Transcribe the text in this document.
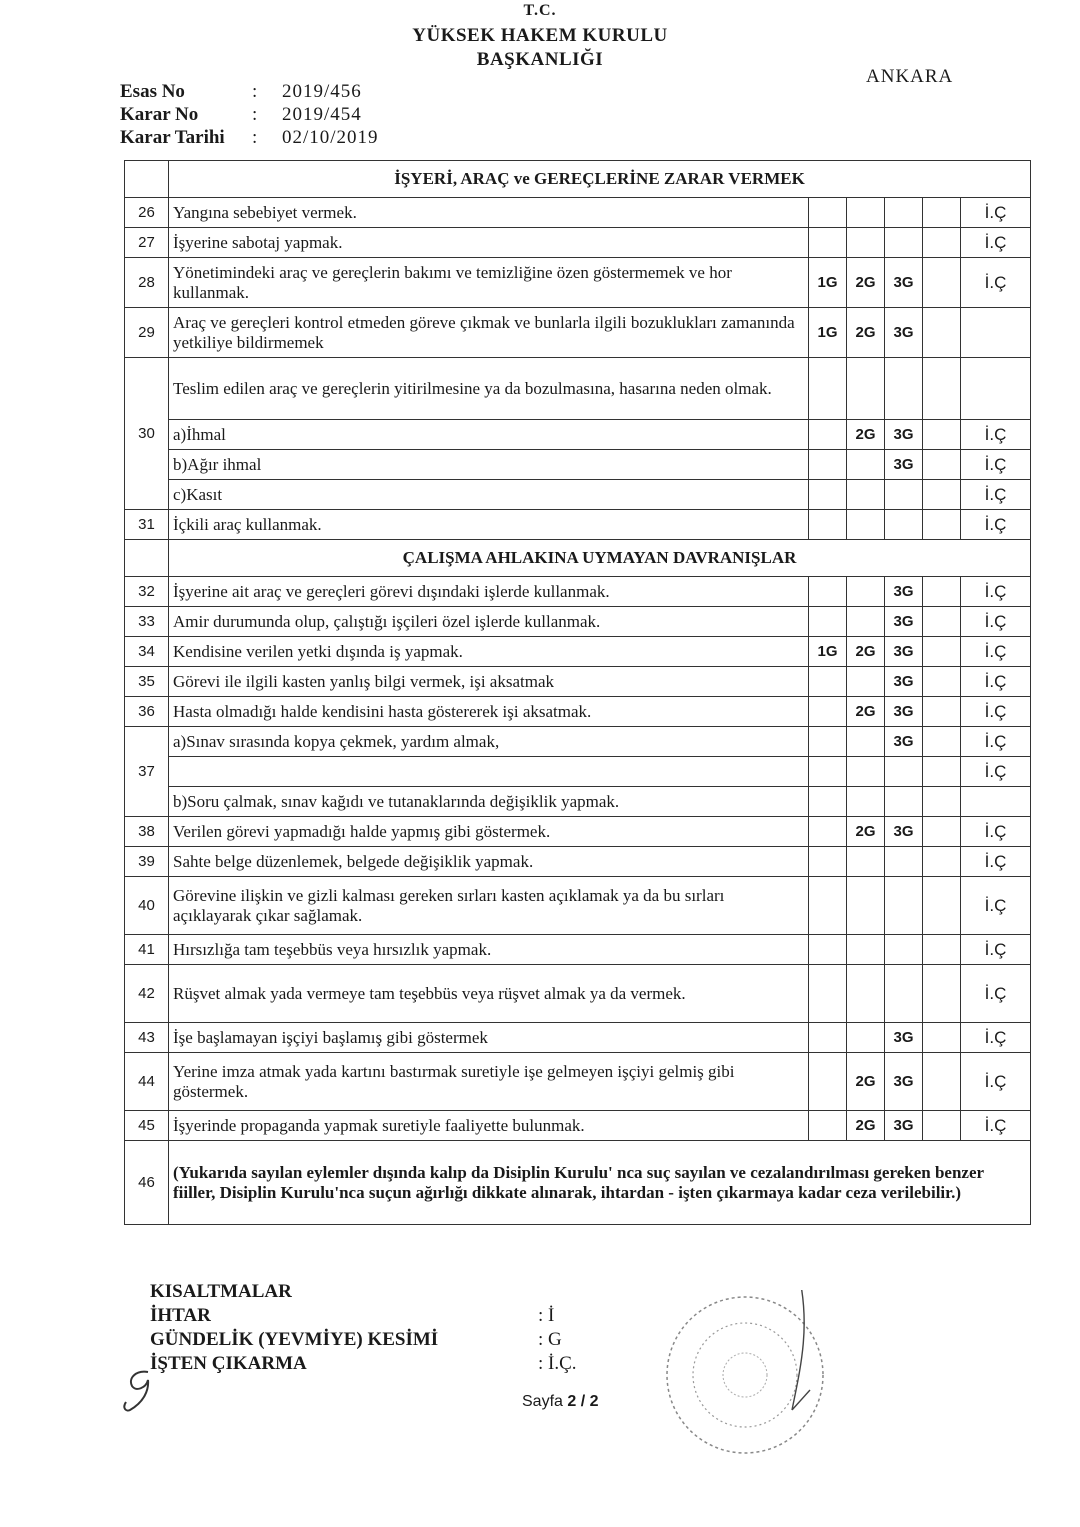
T.C.
YÜKSEK HAKEM KURULU
BAŞKANLIĞI
ANKARA
Esas No	:	2019/456
Karar No	:	2019/454
Karar Tarihi	:	02/10/2019
	İŞYERİ, ARAÇ ve GEREÇLERİNE ZARAR VERMEK					
26	Yangına sebebiyet vermek.					İ.Ç
27	İşyerine sabotaj yapmak.					İ.Ç
28	Yönetimindeki araç ve gereçlerin bakımı ve temizliğine özen göstermemek ve hor kullanmak.	1G	2G	3G		İ.Ç
29	Araç ve gereçleri kontrol etmeden göreve çıkmak ve bunlarla ilgili bozuklukları zamanında yetkiliye bildirmemek	1G	2G	3G		
30	Teslim edilen araç ve gereçlerin yitirilmesine ya da bozulmasına, hasarına neden olmak.					
	a)İhmal		2G	3G		İ.Ç
	b)Ağır ihmal			3G		İ.Ç
	c)Kasıt					İ.Ç
31	İçkili araç kullanmak.					İ.Ç
	ÇALIŞMA AHLAKINA UYMAYAN DAVRANIŞLAR					
32	İşyerine ait araç ve gereçleri görevi dışındaki işlerde kullanmak.			3G		İ.Ç
33	Amir durumunda olup, çalıştığı işçileri özel işlerde kullanmak.			3G		İ.Ç
34	Kendisine verilen yetki dışında iş yapmak.	1G	2G	3G		İ.Ç
35	Görevi ile ilgili kasten yanlış bilgi vermek, işi aksatmak			3G		İ.Ç
36	Hasta olmadığı halde kendisini hasta göstererek işi aksatmak.		2G	3G		İ.Ç
37	a)Sınav sırasında kopya çekmek, yardım almak,			3G		İ.Ç
						İ.Ç
	b)Soru çalmak, sınav kağıdı ve tutanaklarında değişiklik yapmak.					
38	Verilen görevi yapmadığı halde yapmış gibi göstermek.		2G	3G		İ.Ç
39	Sahte belge düzenlemek, belgede değişiklik yapmak.					İ.Ç
40	Görevine ilişkin ve gizli kalması gereken sırları kasten açıklamak ya da bu sırları açıklayarak çıkar sağlamak.					İ.Ç
41	Hırsızlığa tam teşebbüs veya hırsızlık yapmak.					İ.Ç
42	Rüşvet almak yada vermeye tam teşebbüs veya rüşvet almak ya da vermek.					İ.Ç
43	İşe başlamayan işçiyi başlamış gibi göstermek			3G		İ.Ç
44	Yerine imza atmak yada kartını bastırmak suretiyle işe gelmeyen işçiyi gelmiş gibi göstermek.		2G	3G		İ.Ç
45	İşyerinde propaganda yapmak suretiyle faaliyette bulunmak.		2G	3G		İ.Ç
46	(Yukarıda sayılan eylemler dışında kalıp da Disiplin Kurulu' nca suç sayılan ve cezalandırılması gereken benzer fiiller, Disiplin Kurulu'nca suçun ağırlığı dikkate alınarak, ihtardan - işten çıkarmaya kadar ceza verilebilir.)					
KISALTMALAR
İHTAR	: İ
GÜNDELİK (YEVMİYE) KESİMİ	: G
İŞTEN ÇIKARMA	: İ.Ç.
Sayfa 2 / 2
